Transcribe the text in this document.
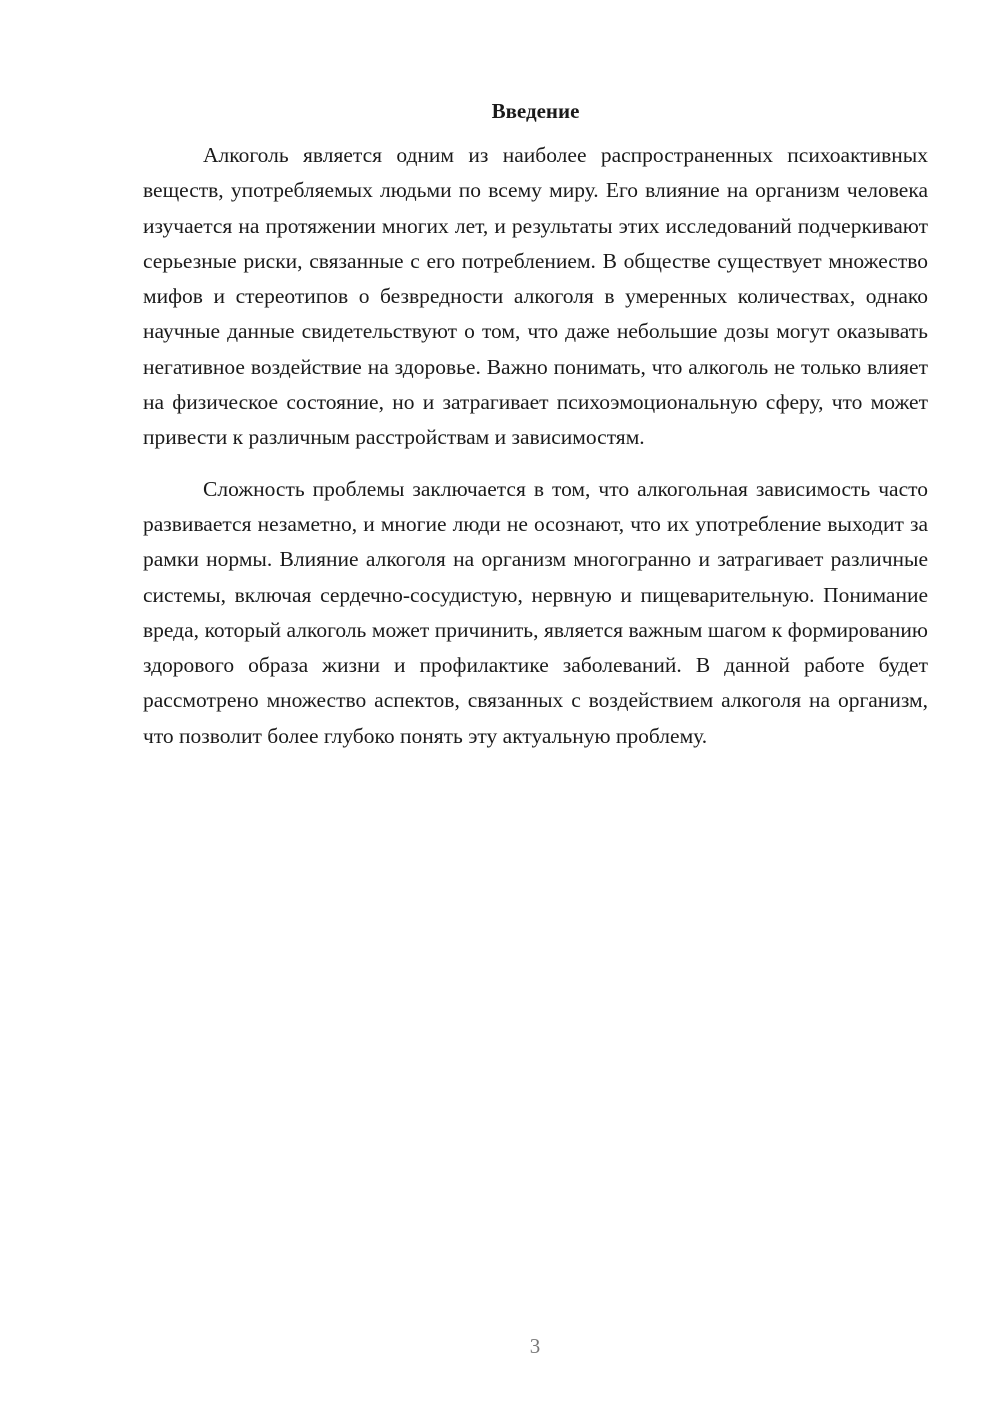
Введение

Алкоголь является одним из наиболее распространенных психоактивных веществ, употребляемых людьми по всему миру. Его влияние на организм человека изучается на протяжении многих лет, и результаты этих исследований подчеркивают серьезные риски, связанные с его потреблением. В обществе существует множество мифов и стереотипов о безвредности алкоголя в умеренных количествах, однако научные данные свидетельствуют о том, что даже небольшие дозы могут оказывать негативное воздействие на здоровье. Важно понимать, что алкоголь не только влияет на физическое состояние, но и затрагивает психоэмоциональную сферу, что может привести к различным расстройствам и зависимостям.

Сложность проблемы заключается в том, что алкогольная зависимость часто развивается незаметно, и многие люди не осознают, что их употребление выходит за рамки нормы. Влияние алкоголя на организм многогранно и затрагивает различные системы, включая сердечно-сосудистую, нервную и пищеварительную. Понимание вреда, который алкоголь может причинить, является важным шагом к формированию здорового образа жизни и профилактике заболеваний. В данной работе будет рассмотрено множество аспектов, связанных с воздействием алкоголя на организм, что позволит более глубоко понять эту актуальную проблему.

3
